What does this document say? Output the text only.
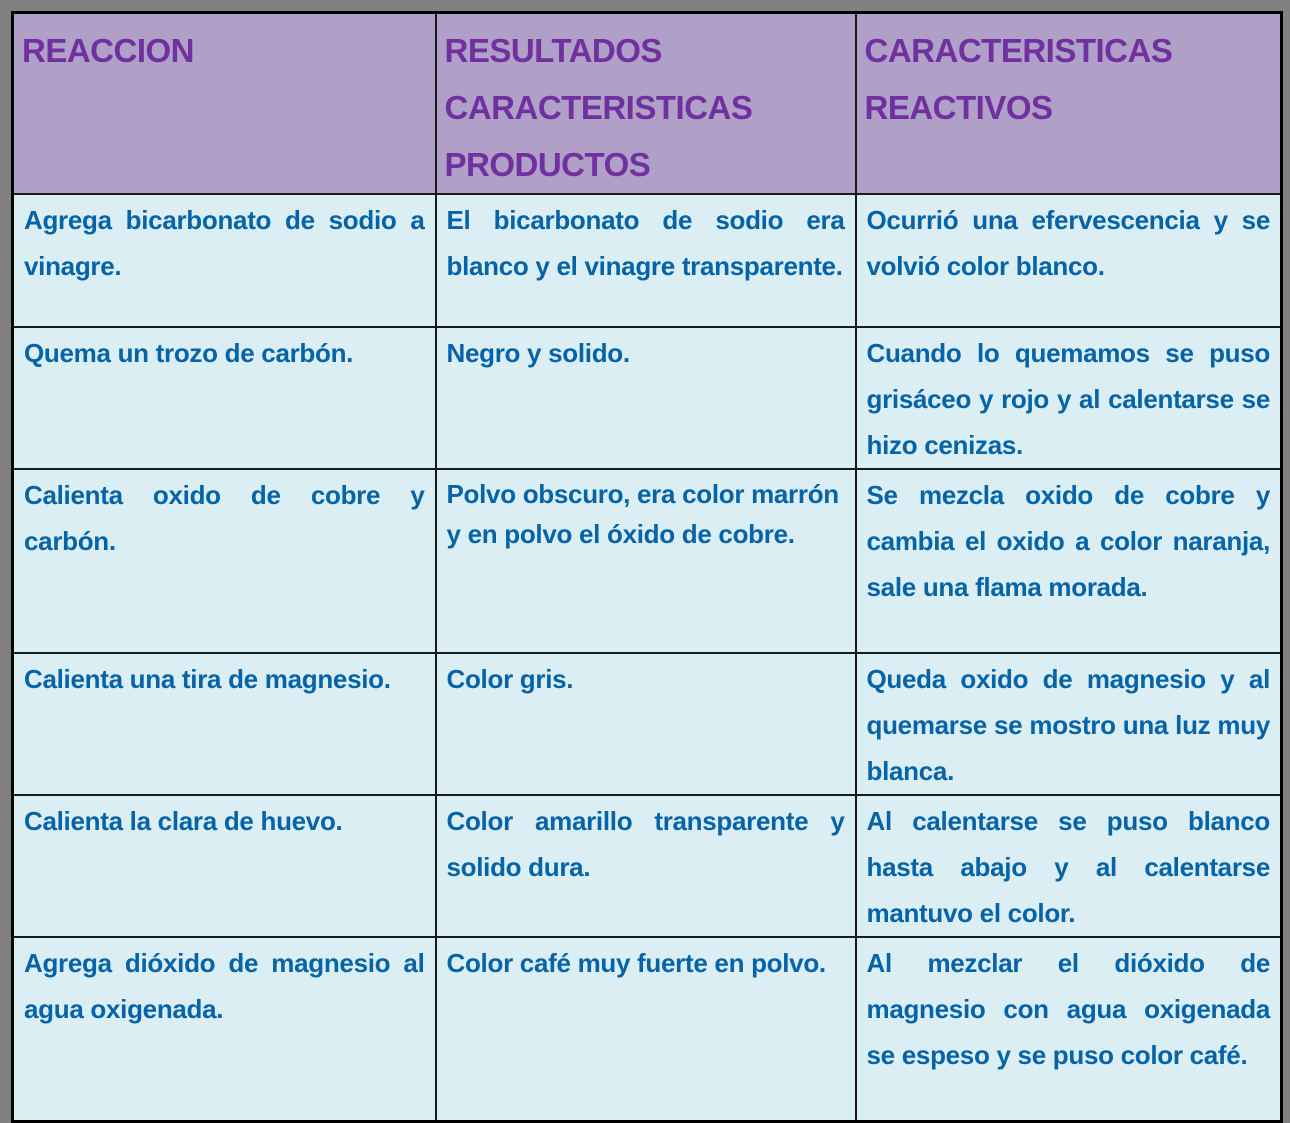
REACCION	RESULTADOS CARACTERISTICAS PRODUCTOS	CARACTERISTICAS REACTIVOS
Agrega bicarbonato de sodio a vinagre.	El bicarbonato de sodio era blanco y el vinagre transparente.	Ocurrió una efervescencia y se volvió color blanco.
Quema un trozo de carbón.	Negro y solido.	Cuando lo quemamos se puso grisáceo y rojo y al calentarse se hizo cenizas.
Calienta oxido de cobre y carbón.	Polvo obscuro, era color marrón y en polvo el óxido de cobre.	Se mezcla oxido de cobre y cambia el oxido a color naranja, sale una flama morada.
Calienta una tira de magnesio.	Color gris.	Queda oxido de magnesio y al quemarse se mostro una luz muy blanca.
Calienta la clara de huevo.	Color amarillo transparente y solido dura.	Al calentarse se puso blanco hasta abajo y al calentarse mantuvo el color.
Agrega dióxido de magnesio al agua oxigenada.	Color café muy fuerte en polvo.	Al mezclar el dióxido de magnesio con agua oxigenada se espeso y se puso color café.
